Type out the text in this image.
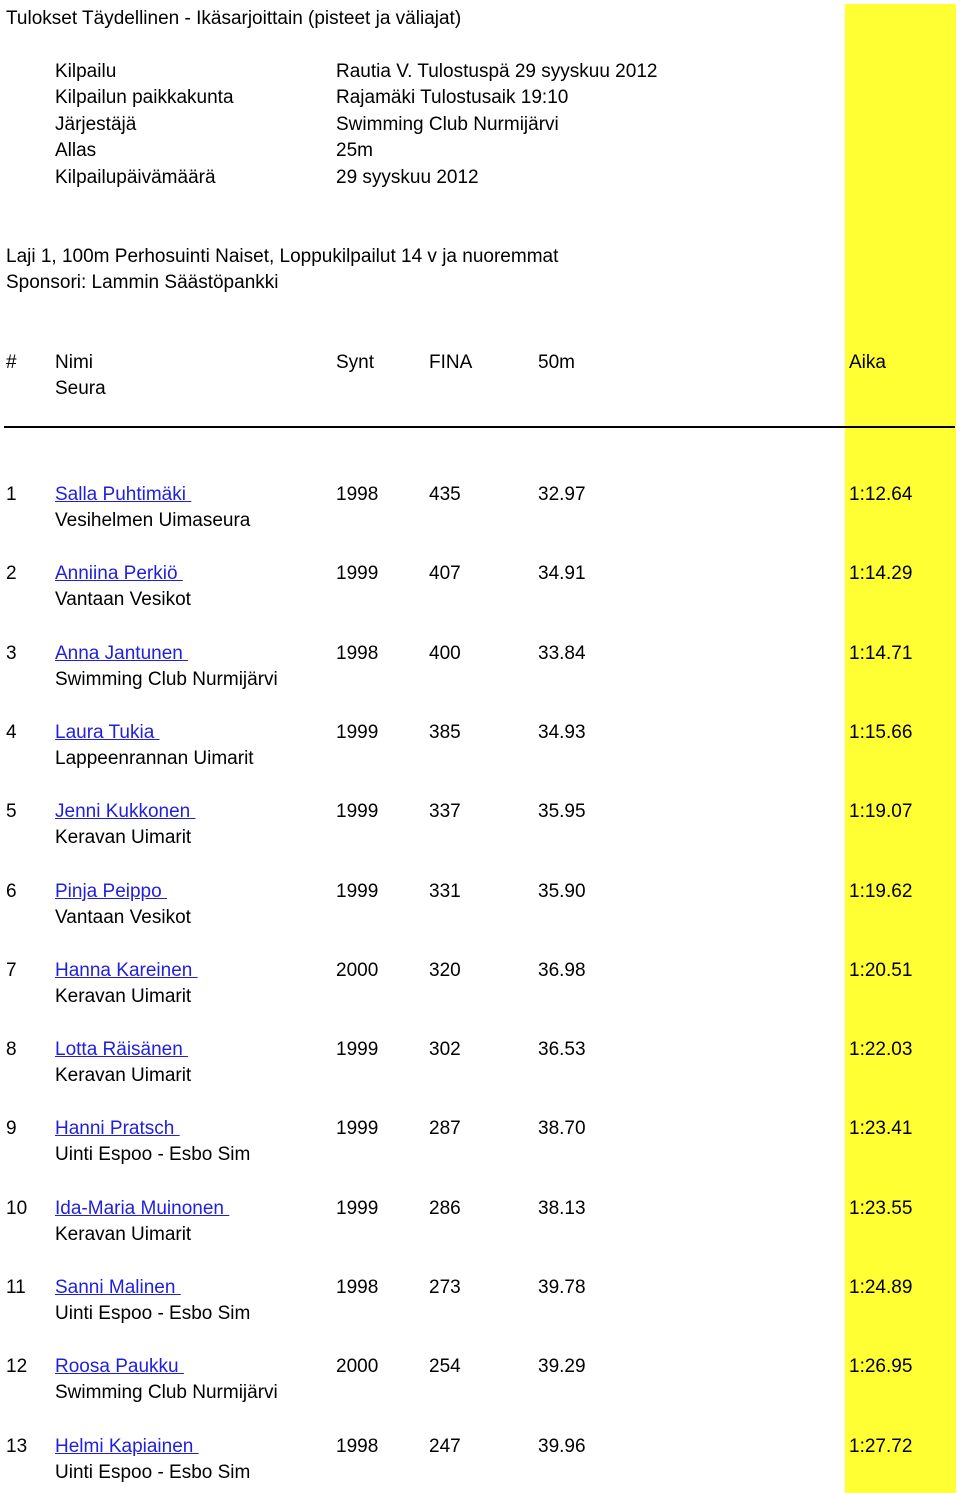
Tulokset Täydellinen - Ikäsarjoittain (pisteet ja väliajat)
Kilpailu	Rautia V. Tulostuspä 29 syyskuu 2012
Kilpailun paikkakunta	Rajamäki Tulostusaik 19:10
Järjestäjä	Swimming Club Nurmijärvi
Allas	25m
Kilpailupäivämäärä	29 syyskuu 2012
Laji 1, 100m Perhosuinti Naiset, Loppukilpailut 14 v ja nuoremmat
Sponsori: Lammin Säästöpankki
# Nimi
Seura
Synt	FINA	50m	Aika
1 Salla Puhtimäki	1998	435	32.97	1:12.64
Vesihelmen Uimaseura
2 Anniina Perkiö	1999	407	34.91	1:14.29
Vantaan Vesikot
3 Anna Jantunen	1998	400	33.84	1:14.71
Swimming Club Nurmijärvi
4 Laura Tukia	1999	385	34.93	1:15.66
Lappeenrannan Uimarit
5 Jenni Kukkonen	1999	337	35.95	1:19.07
Keravan Uimarit
6 Pinja Peippo	1999	331	35.90	1:19.62
Vantaan Vesikot
7 Hanna Kareinen	2000	320	36.98	1:20.51
Keravan Uimarit
8 Lotta Räisänen	1999	302	36.53	1:22.03
Keravan Uimarit
9 Hanni Pratsch	1999	287	38.70	1:23.41
Uinti Espoo - Esbo Sim
10 Ida-Maria Muinonen	1999	286	38.13	1:23.55
Keravan Uimarit
11 Sanni Malinen	1998	273	39.78	1:24.89
Uinti Espoo - Esbo Sim
12 Roosa Paukku	2000	254	39.29	1:26.95
Swimming Club Nurmijärvi
13 Helmi Kapiainen	1998	247	39.96	1:27.72
Uinti Espoo - Esbo Sim
